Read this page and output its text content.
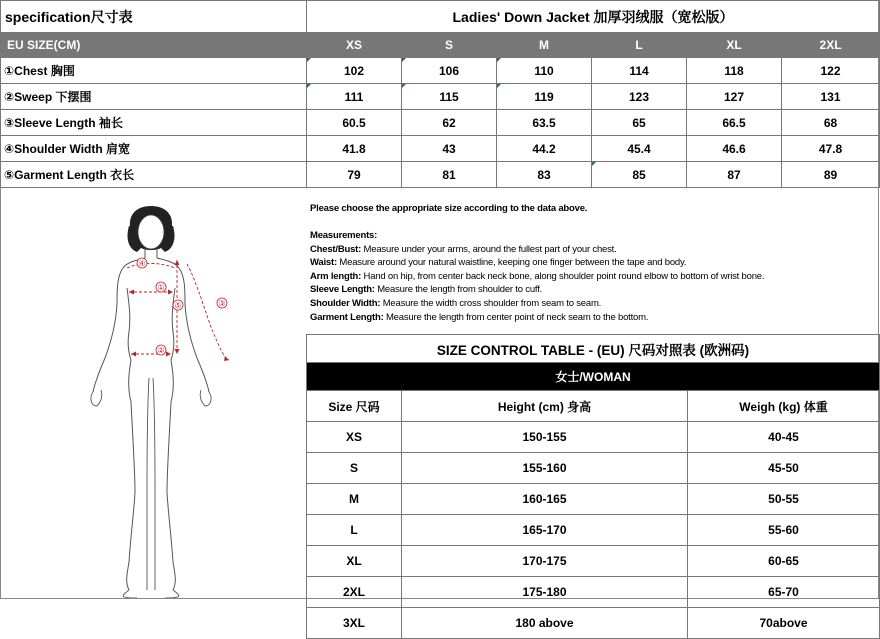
specification尺寸表	Ladies' Down Jacket 加厚羽绒服（宽松版）					
EU SIZE(CM)	XS	S	M	L	XL	2XL
①Chest 胸围	102	106	110	114	118	122
②Sweep 下摆围	111	115	119	123	127	131
③Sleeve Length 袖长	60.5	62	63.5	65	66.5	68
④Shoulder Width 肩宽	41.8	43	44.2	45.4	46.6	47.8
⑤Garment Length 衣长	79	81	83	85	87	89
④
①
⑤	③
②
Please choose the appropriate size according to the data above.
Measurements:
Chest/Bust: Measure under your arms, around the fullest part of your chest.
Waist: Measure around your natural waistline, keeping one finger between the tape and body.
Arm length: Hand on hip, from center back neck bone, along shoulder point round elbow to bottom of wrist bone.
Sleeve Length: Measure the length from shoulder to cuff.
Shoulder Width: Measure the width cross shoulder from seam to seam.
Garment Length: Measure the length from center point of neck seam to the bottom.
SIZE CONTROL TABLE - (EU) 尺码对照表 (欧洲码)		
女士/WOMAN		
Size 尺码	Height (cm) 身高	Weigh (kg) 体重
XS	150-155	40-45
S	155-160	45-50
M	160-165	50-55
L	165-170	55-60
XL	170-175	60-65
2XL	175-180	65-70
3XL	180 above	70above
